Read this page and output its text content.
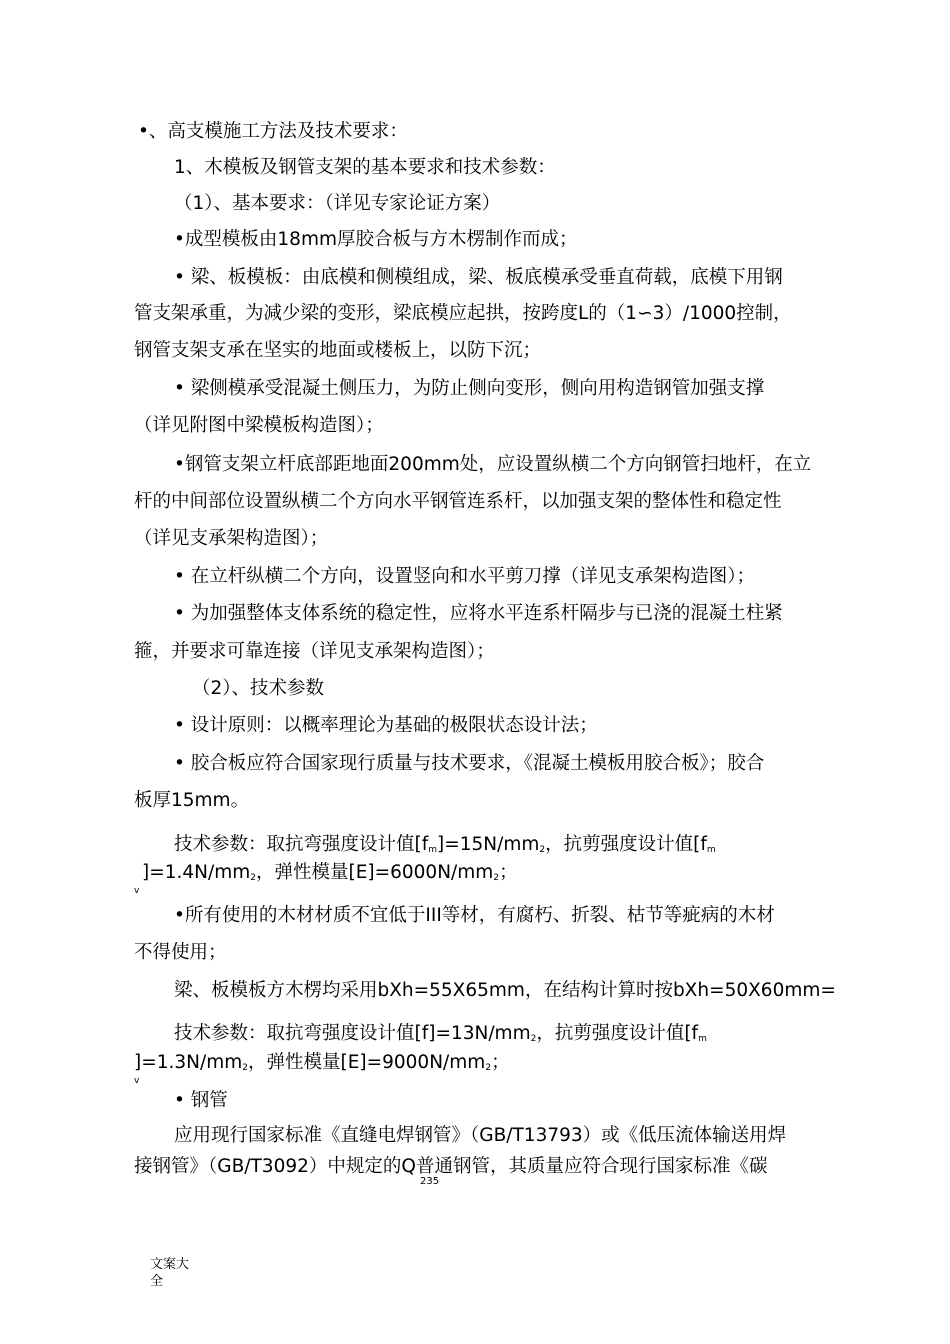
•、高支模施工方法及技术要求：
1、木模板及钢管支架的基本要求和技术参数：
（1）、基本要求：（详见专家论证方案）
•成型模板由18mm厚胶合板与方木楞制作而成；
• 梁、板模板：由底模和侧模组成，梁、板底模承受垂直荷载，底模下用钢
管支架承重，为减少梁的变形，梁底模应起拱，按跨度L的（1∽3）/1000控制，
钢管支架支承在坚实的地面或楼板上，以防下沉；
• 梁侧模承受混凝土侧压力，为防止侧向变形，侧向用构造钢管加强支撑
（详见附图中梁模板构造图）；
•钢管支架立杆底部距地面200mm处，应设置纵横二个方向钢管扫地杆，在立
杆的中间部位设置纵横二个方向水平钢管连系杆，以加强支架的整体性和稳定性
（详见支承架构造图）；
• 在立杆纵横二个方向，设置竖向和水平剪刀撑（详见支承架构造图）；
• 为加强整体支体系统的稳定性，应将水平连系杆隔步与已浇的混凝土柱紧
箍，并要求可靠连接（详见支承架构造图）；
（2）、技术参数
• 设计原则：以概率理论为基础的极限状态设计法；
• 胶合板应符合国家现行质量与技术要求，《混凝土模板用胶合板》；胶合
板厚15mm。
技术参数：取抗弯强度设计值$[f_m]=15N/mm_2$，抗剪强度设计值[$f_m$
]$=1.4N/mm_2$，弹性模量$[E]=6000N/mm_2$；
v
•所有使用的木材材质不宜低于III等材，有腐朽、折裂、枯节等疵病的木材
不得使用；
梁、板模板方木楞均采用bXh=55X65mm，在结构计算时按bXh=50X60mm=
技术参数：取抗弯强度设计值$[f]=13N/mm_2$，抗剪强度设计值[$f_m$
]$=1.3N/mm_2$，弹性模量$[E]=9000N/mm_2$；
v
• 钢管
应用现行国家标准《直缝电焊钢管》（GB/T13793）或《低压流体输送用焊
接钢管》（GB/T3092）中规定的Q普通钢管，其质量应符合现行国家标准《碳
235
文案大全
